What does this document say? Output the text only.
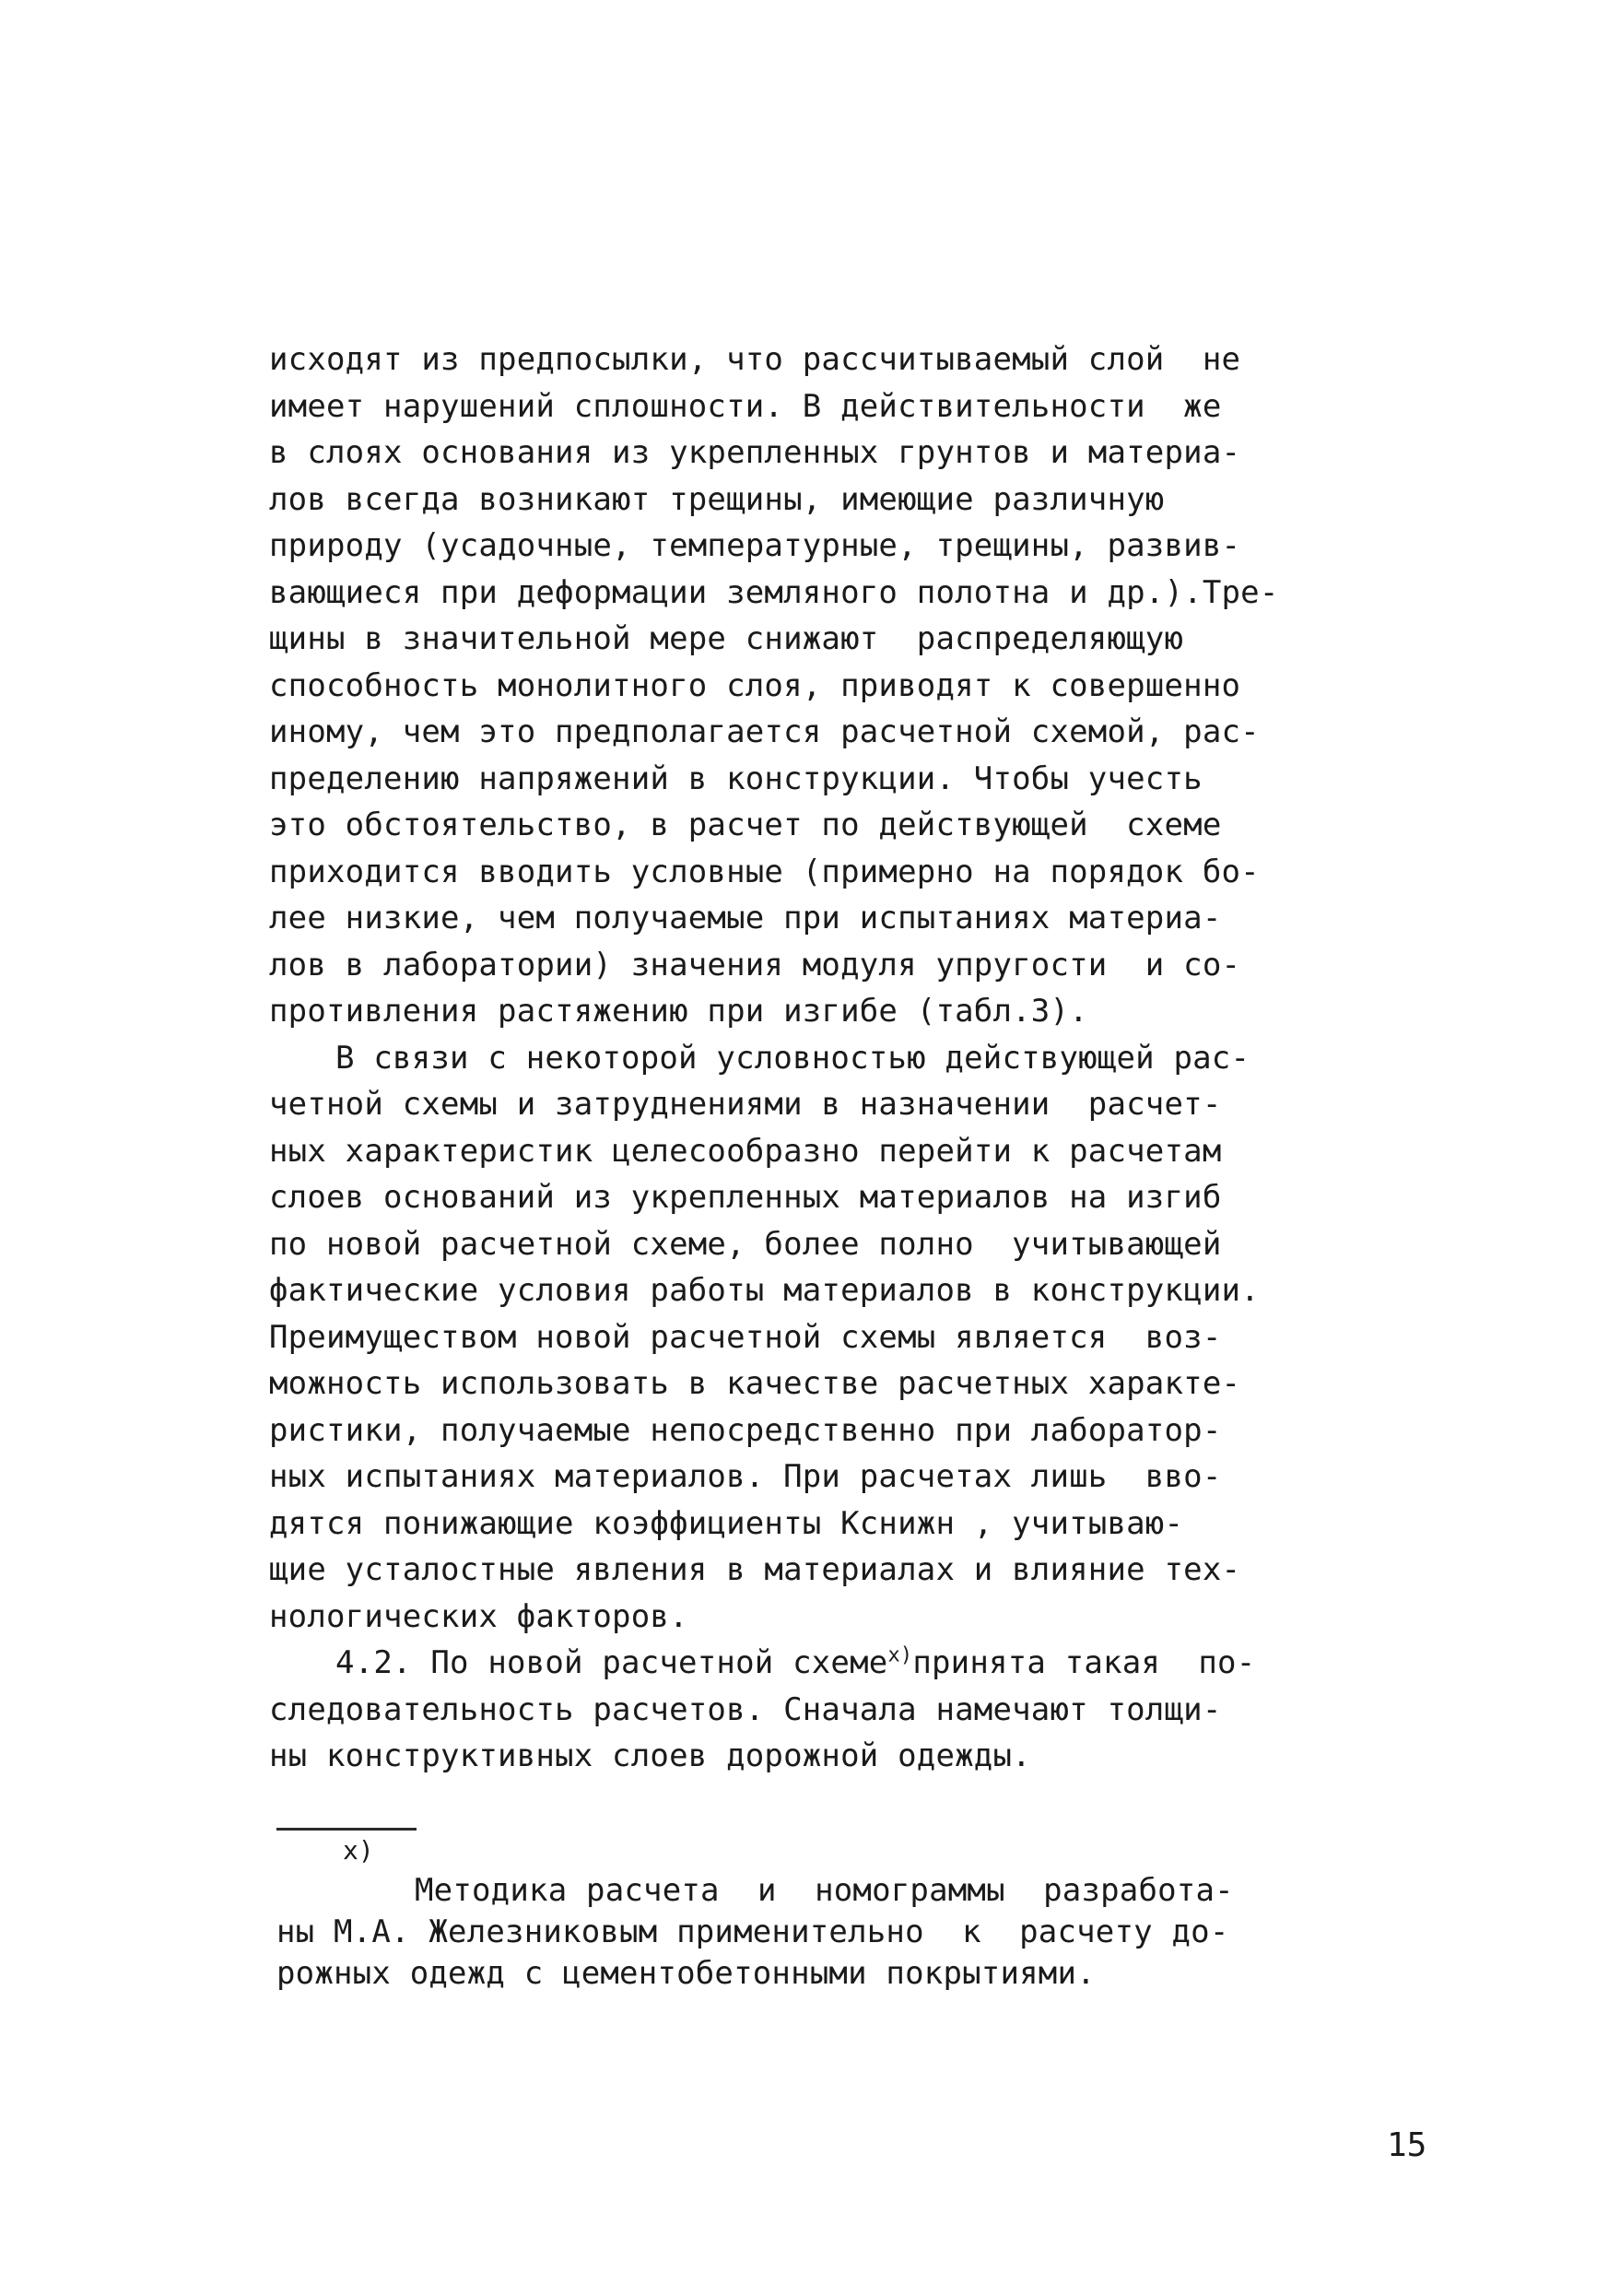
исходят из предпосылки, что рассчитываемый слой  не
имеет нарушений сплошности. В действительности  же
в слоях основания из укрепленных грунтов и материа-
лов всегда возникают трещины, имеющие различную
природу (усадочные, температурные, трещины, развив-
вающиеся при деформации земляного полотна и др.).Тре-
щины в значительной мере снижают  распределяющую
способность монолитного слоя, приводят к совершенно
иному, чем это предполагается расчетной схемой, рас-
пределению напряжений в конструкции. Чтобы учесть
это обстоятельство, в расчет по действующей  схеме
приходится вводить условные (примерно на порядок бо-
лее низкие, чем получаемые при испытаниях материа-
лов в лаборатории) значения модуля упругости  и со-
противления растяжению при изгибе (табл.3).
В связи с некоторой условностью действующей рас-
четной схемы и затруднениями в назначении  расчет-
ных характеристик целесообразно перейти к расчетам
слоев оснований из укрепленных материалов на изгиб
по новой расчетной схеме, более полно  учитывающей
фактические условия работы материалов в конструкции.
Преимуществом новой расчетной схемы является  воз-
можность использовать в качестве расчетных характе-
ристики, получаемые непосредственно при лаборатор-
ных испытаниях материалов. При расчетах лишь  вво-
дятся понижающие коэффициенты Кснижн , учитываю-
щие усталостные явления в материалах и влияние тех-
нологических факторов.
4.2. По новой расчетной схеме$^{x)}$принята такая  по-
следовательность расчетов. Сначала намечают толщи-
ны конструктивных слоев дорожной одежды.
x)
Методика расчета  и  номограммы  разработа-
ны М.А. Железниковым применительно  к  расчету до-
рожных одежд с цементобетонными покрытиями.
15
